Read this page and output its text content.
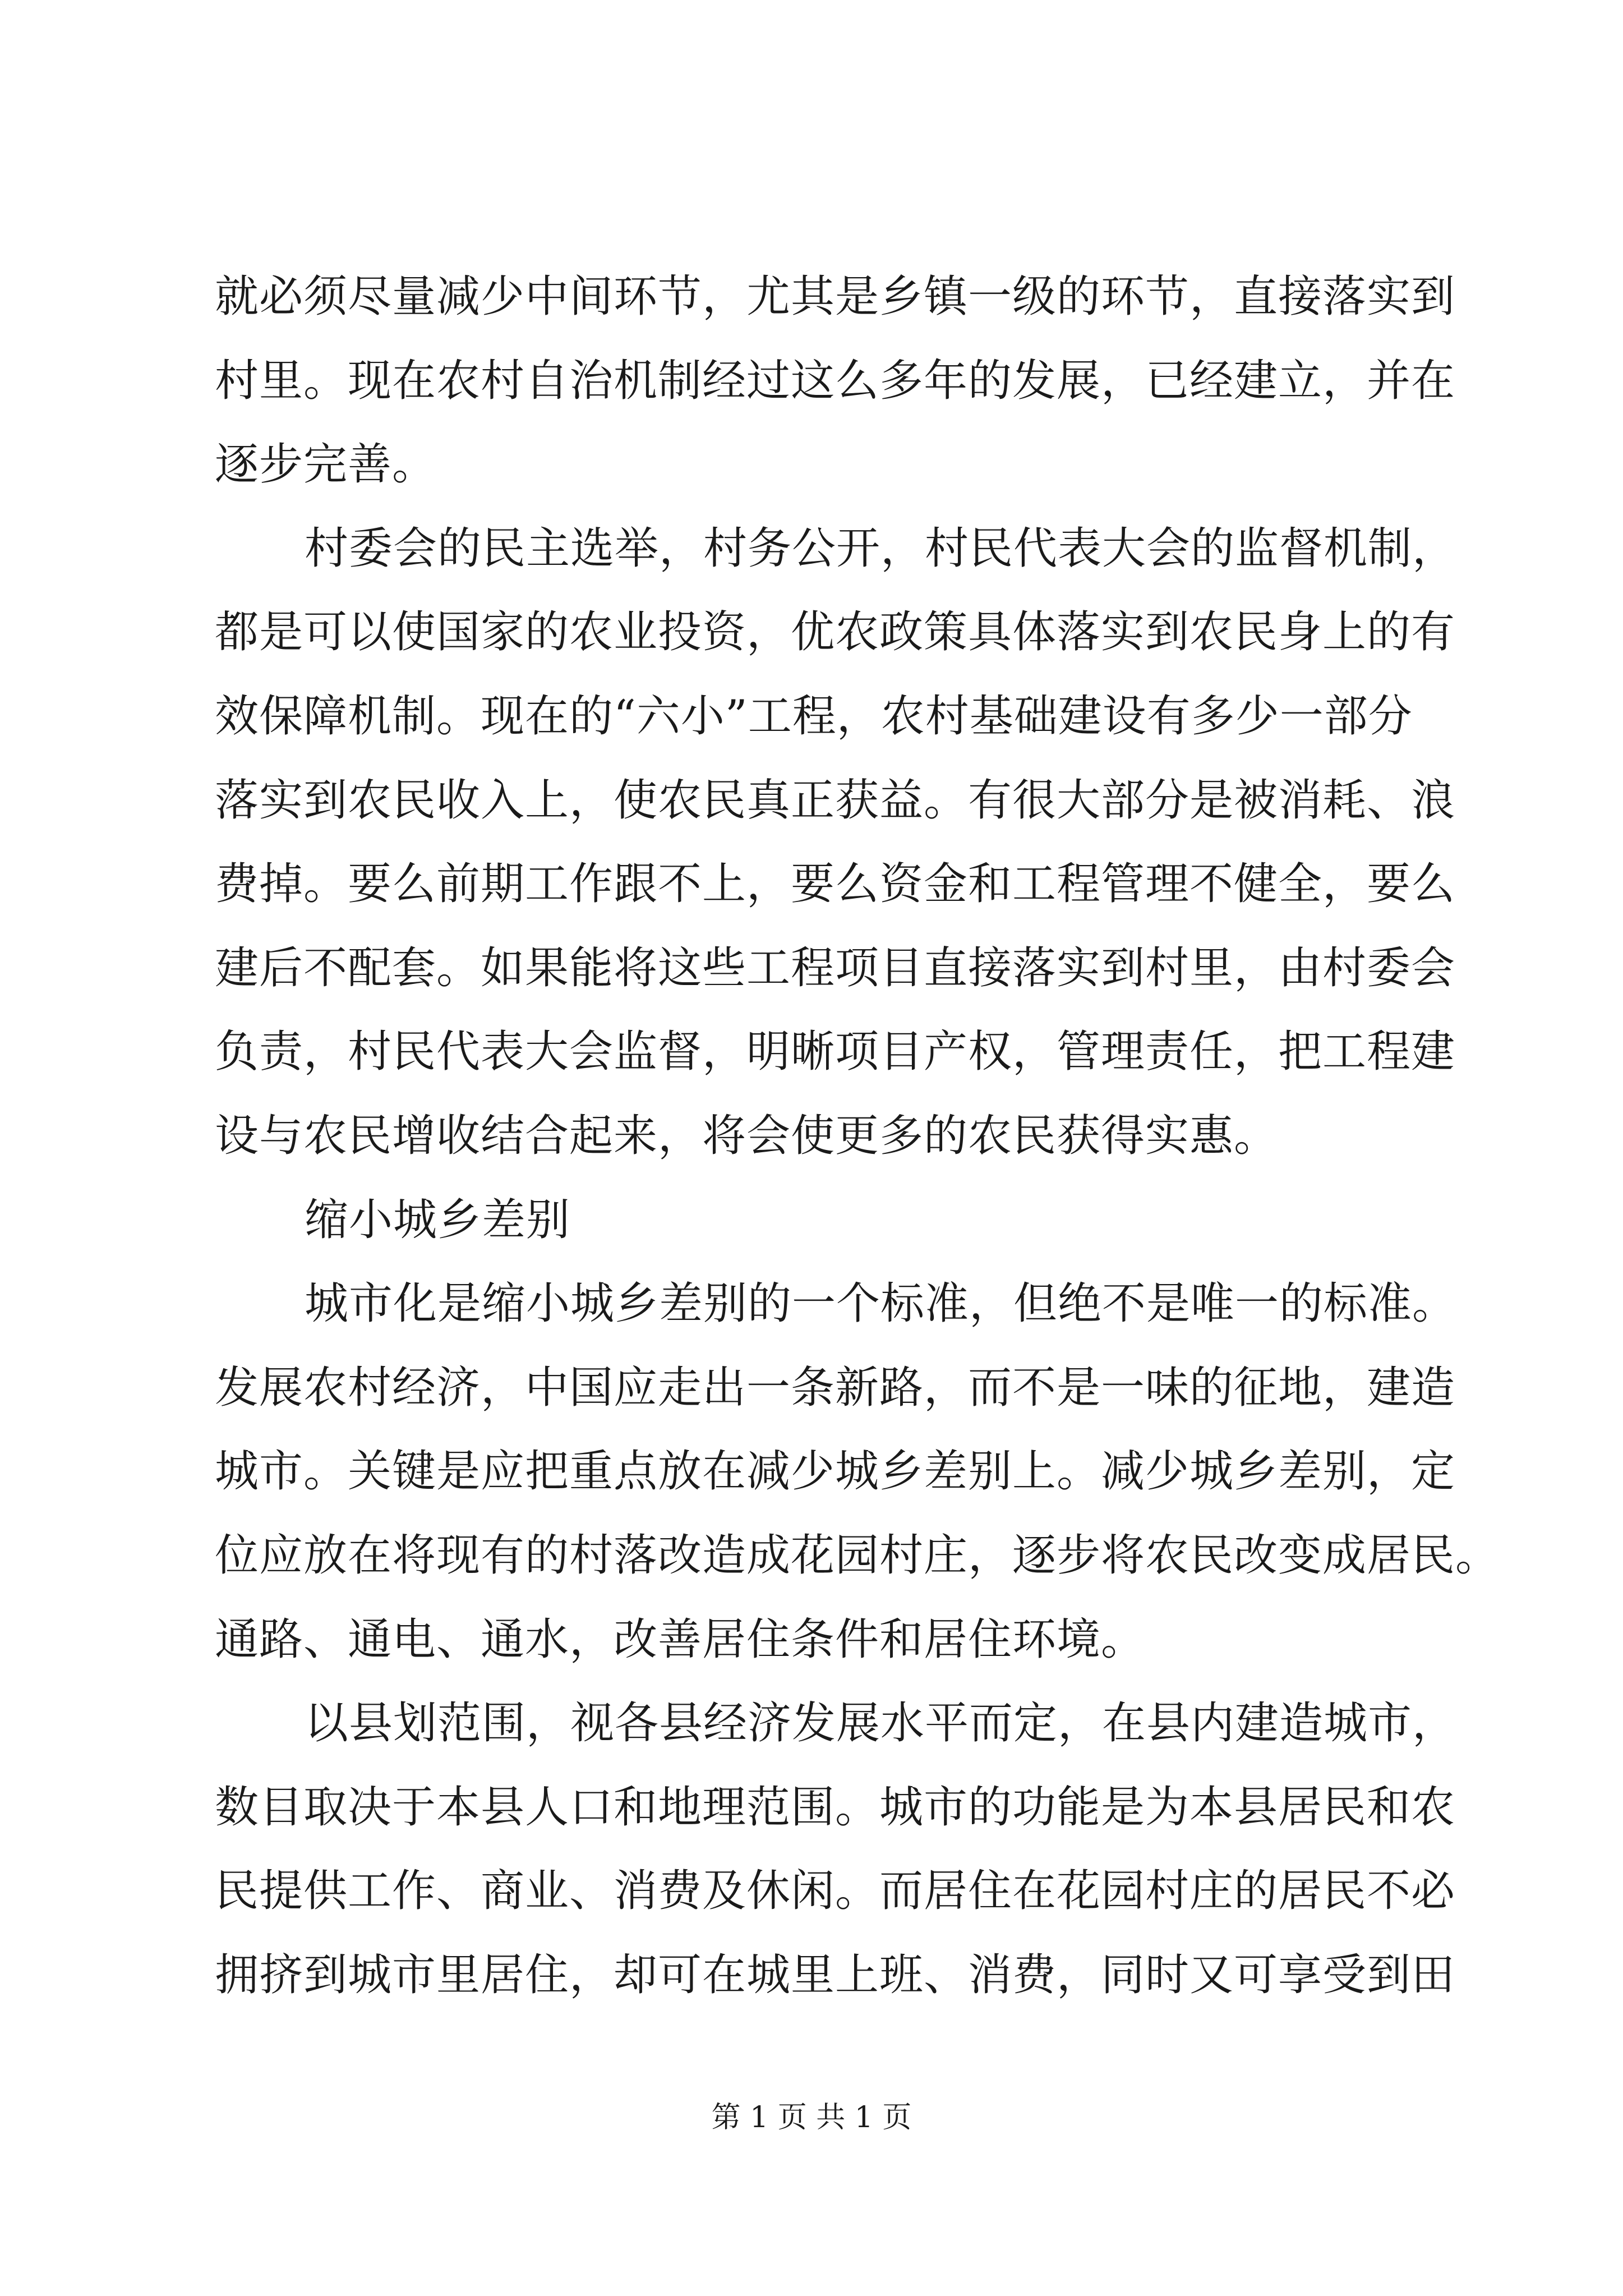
就必须尽量减少中间环节，尤其是乡镇一级的环节，直接落实到
村里。现在农村自治机制经过这么多年的发展，已经建立，并在
逐步完善。
村委会的民主选举，村务公开，村民代表大会的监督机制，
都是可以使国家的农业投资，优农政策具体落实到农民身上的有
效保障机制。现在的“六小”工程，农村基础建设有多少一部分
落实到农民收入上，使农民真正获益。有很大部分是被消耗、浪
费掉。要么前期工作跟不上，要么资金和工程管理不健全，要么
建后不配套。如果能将这些工程项目直接落实到村里，由村委会
负责，村民代表大会监督，明晰项目产权，管理责任，把工程建
设与农民增收结合起来，将会使更多的农民获得实惠。
缩小城乡差别
城市化是缩小城乡差别的一个标准，但绝不是唯一的标准。
发展农村经济，中国应走出一条新路，而不是一味的征地，建造
城市。关键是应把重点放在减少城乡差别上。减少城乡差别，定
位应放在将现有的村落改造成花园村庄，逐步将农民改变成居民。
通路、通电、通水，改善居住条件和居住环境。
以县划范围，视各县经济发展水平而定，在县内建造城市，
数目取决于本县人口和地理范围。城市的功能是为本县居民和农
民提供工作、商业、消费及休闲。而居住在花园村庄的居民不必
拥挤到城市里居住，却可在城里上班、消费，同时又可享受到田
第 1 页 共 1 页
